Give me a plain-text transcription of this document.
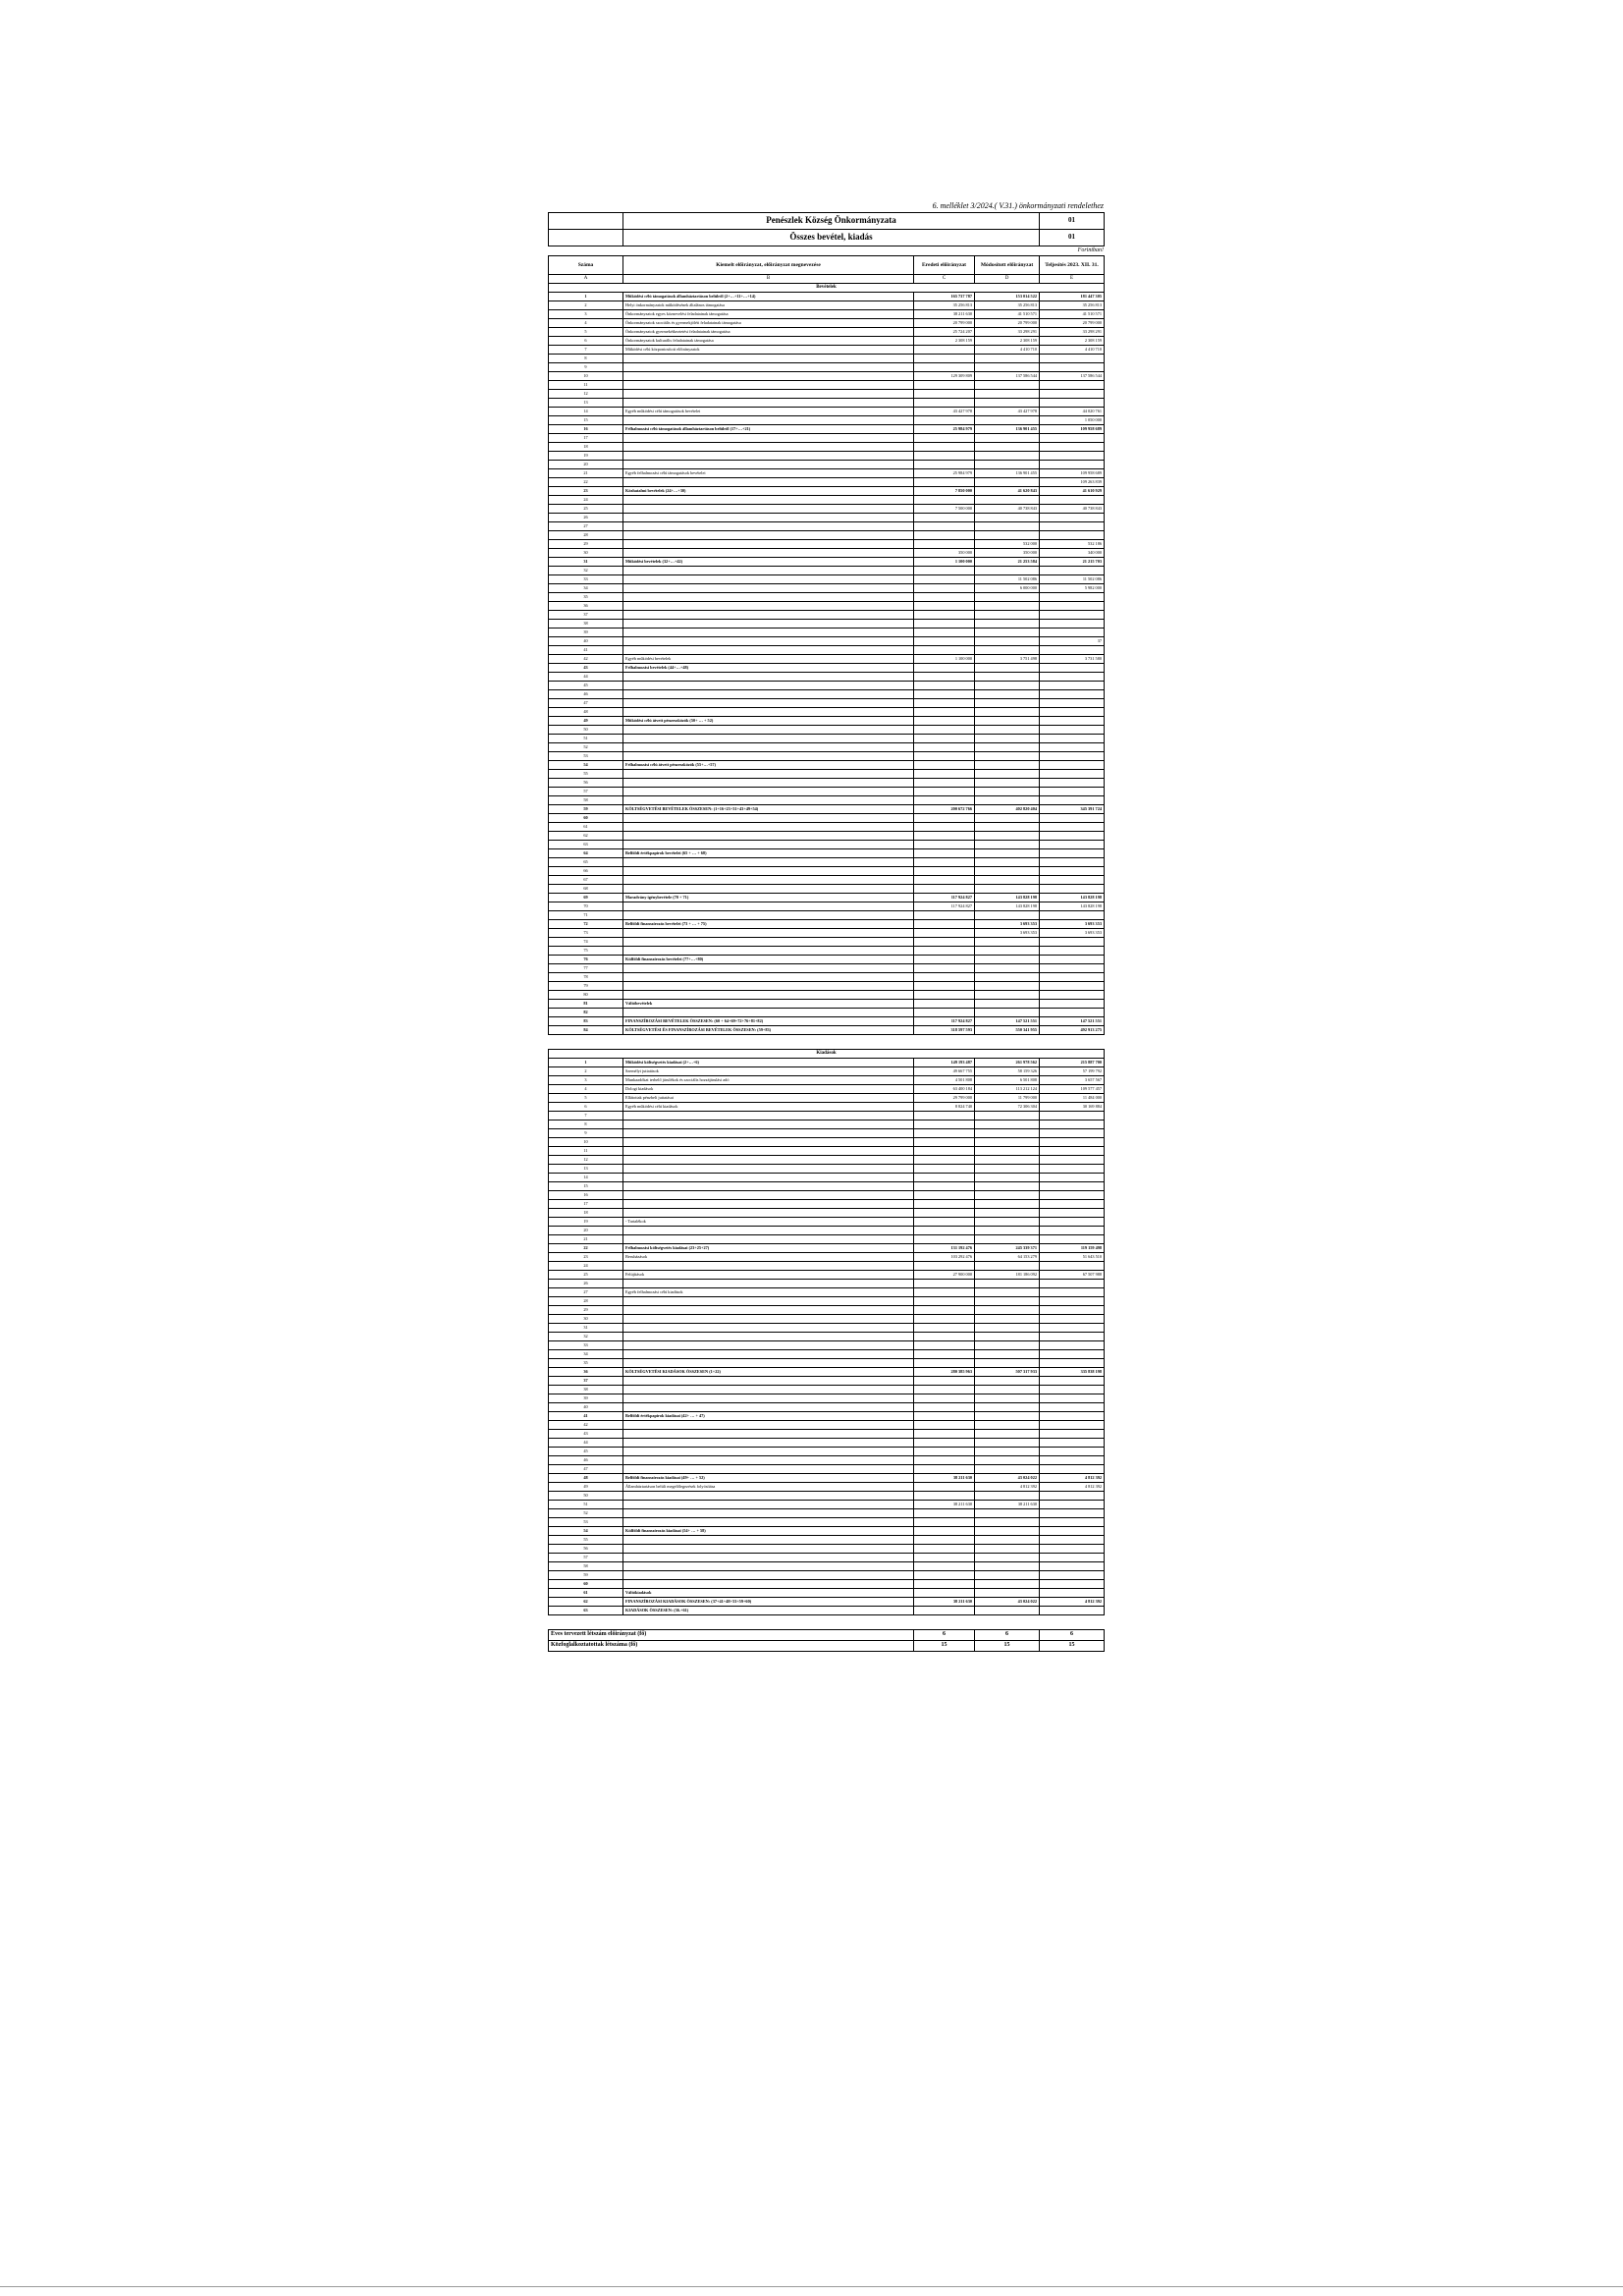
6. melléklet 3/2024.( V.31.) önkormányzati rendelethez
	Penészlek Község Önkormányzata	01
	Összes bevétel, kiadás	01
Forintban!
Száma	Kiemelt előirányzat, előirányzat megnevezése	Eredeti előirányzat	Módosított előirányzat	Teljesítés 2023. XII. 31.
A	B	C	D	E
Bevételek				
1	Működési célú támogatások államháztartáson belülről (2+…+11+…+14)	165 737 787	153 014 522	181 447 305
2	Helyi önkormányzatok működésének általános támogatása	35 256 813	35 256 813	35 256 813
3	Önkormányzatok egyes köznevelési feladatainak támogatása	38 211 630	41 510 571	41 510 571
4	Önkormányzatok szociális és gyermekjóléti feladatainak támogatása	20 799 000	20 799 000	20 799 000
5	Önkormányzatok gyermekétkeztetési feladatainak támogatása	25 724 207	33 298 291	33 298 291
6	Önkormányzatok kulturális feladatainak támogatása	2 308 159	2 308 159	2 308 159
7	Működési célú központosított előirányzatok		4 410 710	4 410 710
8				
9				
10		129 309 809	137 586 544	137 586 544
11				
12				
13				
14	Egyéb működési célú támogatások bevételei	43 427 978	43 427 978	44 020 761
15				1 050 000
16	Felhalmozási célú támogatások államháztartáson belülről (17+…+21)	25 984 979	136 901 455	109 958 689
17				
18				
19				
20				
21	Egyéb felhalmozási célú támogatások bevételei	25 984 979	136 901 455	109 958 689
22				109 263 839
23	Közhatalmi bevételek (24+…+30)	7 850 000	41 620 843	41 610 929
24				
25		7 500 000	40 738 843	40 738 843
26				
27				
28				
29			532 000	532 186
30		350 000	350 000	340 000
31	Működési bevételek (32+…+42)	1 100 000	21 253 584	21 215 703
32				
33			11 502 086	11 502 086
34			6 000 000	5 982 000
35				
36				
37				
38				
39				
40				37
41				
42	Egyéb működési bevételek	1 100 000	3 751 498	3 731 580
43	Felhalmozási bevételek (44+…+48)			
44				
45				
46				
47				
48				
49	Működési célú átvett pénzeszközök (50+ … + 52)			
50				
51				
52				
53				
54	Felhalmozási célú átvett pénzeszközök (55+…+57)			
55				
56				
57				
58				
59	KÖLTSÉGVETÉSI BEVÉTELEK ÖSSZESEN: (1+16+23+31+43+49+54)	200 672 766	402 820 404	345 391 724
60				
61				
62				
63				
64	Belföldi értékpapírok bevételei (65 + … + 68)			
65				
66				
67				
68				
69	Maradvány igénybevétele (70 + 71)	117 924 827	143 828 198	143 828 198
70		117 924 827	143 828 198	143 828 198
71				
72	Belföldi finanszírozás bevételei (73 + … + 75)		3 693 353	3 693 353
73			3 693 353	3 693 353
74				
75				
76	Külföldi finanszírozás bevételei (77+…+80)			
77				
78				
79				
80				
81	Váltóbevételek			
82				
83	FINANSZÍROZÁSI BEVÉTELEK ÖSSZESEN: (60 + 64+69+72+76+81+82)	117 924 827	147 521 551	147 521 551
84	KÖLTSÉGVETÉSI ÉS FINANSZÍROZÁSI BEVÉTELEK ÖSSZESEN: (59+83)	318 597 593	550 341 955	492 913 275
Kiadások				
1	Működési költségvetés kiadásai (2+…+6)	149 193 487	261 978 562	215 887 700
2	Személyi juttatások	49 667 755	58 159 326	57 199 792
3	Munkaadókat terhelő járulékok és szociális hozzájárulási adó	4 501 808	6 501 808	3 657 567
4	Dologi kiadások	63 400 184	113 212 124	109 577 457
5	Ellátottak pénzbeli juttatásai	29 799 000	11 799 000	11 484 000
6	Egyéb működési célú kiadások	8 824 740	72 306 304	30 169 884
7				
8				
9				
10				
11				
12				
13				
14				
15				
16				
17				
18				
19	- Tartalékok			
20				
21				
22	Felhalmozási költségvetés kiadásai (23+25+27)	131 192 476	245 339 371	119 159 498
23	Beruházások	103 292 476	64 153 279	51 643 510
24				
25	Felújítások	27 900 000	181 186 092	67 507 988
26				
27	Egyéb felhalmozási célú kiadások			
28				
29				
30				
31				
32				
33				
34				
35				
36	KÖLTSÉGVETÉSI KIADÁSOK ÖSSZESEN (1+22)	280 385 963	507 317 933	335 838 198
37				
38				
39				
40				
41	Belföldi értékpapírok kiadásai (42+ … + 47)			
42				
43				
44				
45				
46				
47				
48	Belföldi finanszírozás kiadásai (49+ … + 52)	38 211 630	43 024 022	4 812 392
49	Államháztartáson belüli megelőlegezések folyósítása		4 812 392	4 812 392
50				
51		38 211 630	38 211 630	
52				
53				
54	Külföldi finanszírozás kiadásai (54+ … + 58)			
55				
56				
57				
58				
59				
60				
61	Váltókiadások			
62	FINANSZÍROZÁSI KIADÁSOK ÖSSZESEN: (37+41+48+53+59+60)	38 211 630	43 024 022	4 812 392
63	KIADÁSOK ÖSSZESEN: (36.+61)			
Éves tervezett létszám előirányzat (fő)	6	6	6
Közfoglalkoztatottak létszáma (fő)	15	15	15
